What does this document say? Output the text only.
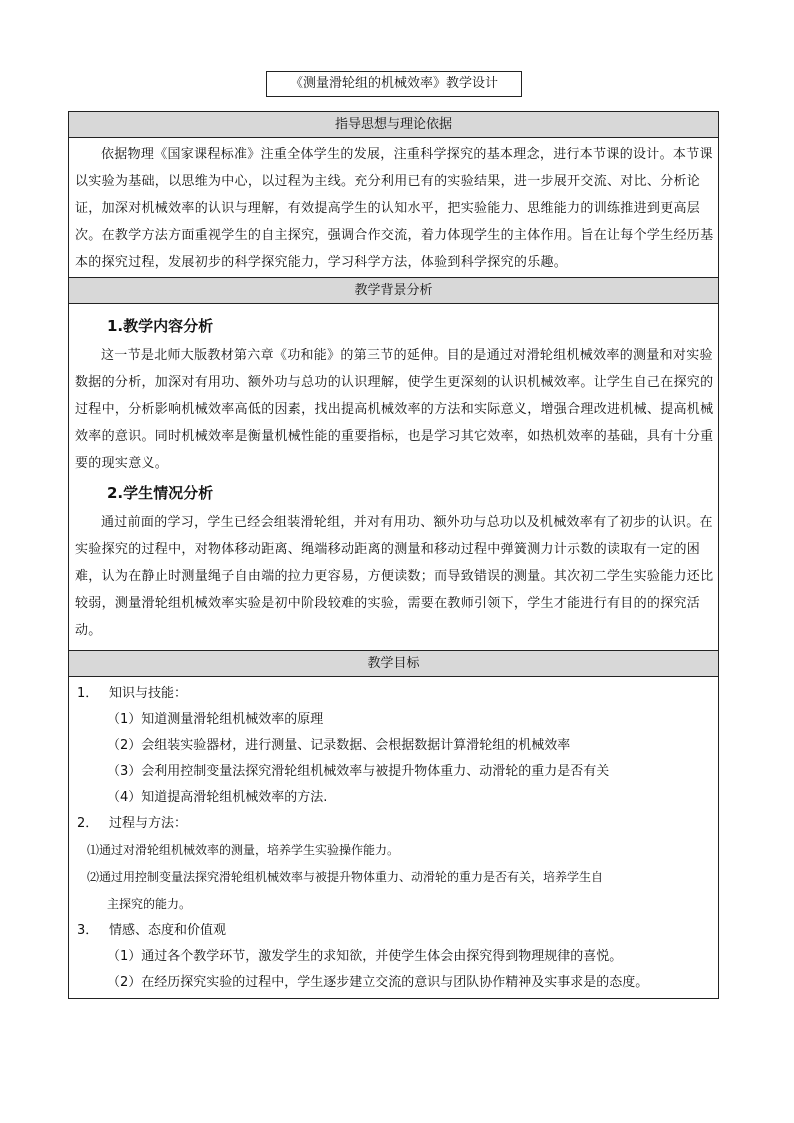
《测量滑轮组的机械效率》教学设计
指导思想与理论依据

依据物理《国家课程标准》注重全体学生的发展，注重科学探究的基本理念，进行本节课的设计。本节课以实验为基础，以思维为中心，以过程为主线。充分利用已有的实验结果，进一步展开交流、对比、分析论证，加深对机械效率的认识与理解，有效提高学生的认知水平，把实验能力、思维能力的训练推进到更高层次。在教学方法方面重视学生的自主探究，强调合作交流，着力体现学生的主体作用。旨在让每个学生经历基本的探究过程，发展初步的科学探究能力，学习科学方法，体验到科学探究的乐趣。

教学背景分析

1.教学内容分析

这一节是北师大版教材第六章《功和能》的第三节的延伸。目的是通过对滑轮组机械效率的测量和对实验数据的分析，加深对有用功、额外功与总功的认识理解，使学生更深刻的认识机械效率。让学生自己在探究的过程中，分析影响机械效率高低的因素，找出提高机械效率的方法和实际意义，增强合理改进机械、提高机械效率的意识。同时机械效率是衡量机械性能的重要指标，也是学习其它效率，如热机效率的基础，具有十分重要的现实意义。

2.学生情况分析

通过前面的学习，学生已经会组装滑轮组，并对有用功、额外功与总功以及机械效率有了初步的认识。在实验探究的过程中，对物体移动距离、绳端移动距离的测量和移动过程中弹簧测力计示数的读取有一定的困难，认为在静止时测量绳子自由端的拉力更容易，方便读数；而导致错误的测量。其次初二学生实验能力还比较弱，测量滑轮组机械效率实验是初中阶段较难的实验，需要在教师引领下，学生才能进行有目的的探究活动。

教学目标

1． 知识与技能：

（1）知道测量滑轮组机械效率的原理

（2）会组装实验器材，进行测量、记录数据、会根据数据计算滑轮组的机械效率

（3）会利用控制变量法探究滑轮组机械效率与被提升物体重力、动滑轮的重力是否有关

（4）知道提高滑轮组机械效率的方法.

2． 过程与方法：

⑴通过对滑轮组机械效率的测量，培养学生实验操作能力。

⑵通过用控制变量法探究滑轮组机械效率与被提升物体重力、动滑轮的重力是否有关，培养学生自

主探究的能力。

3． 情感、态度和价值观

（1）通过各个教学环节，激发学生的求知欲，并使学生体会由探究得到物理规律的喜悦。

（2）在经历探究实验的过程中，学生逐步建立交流的意识与团队协作精神及实事求是的态度。
